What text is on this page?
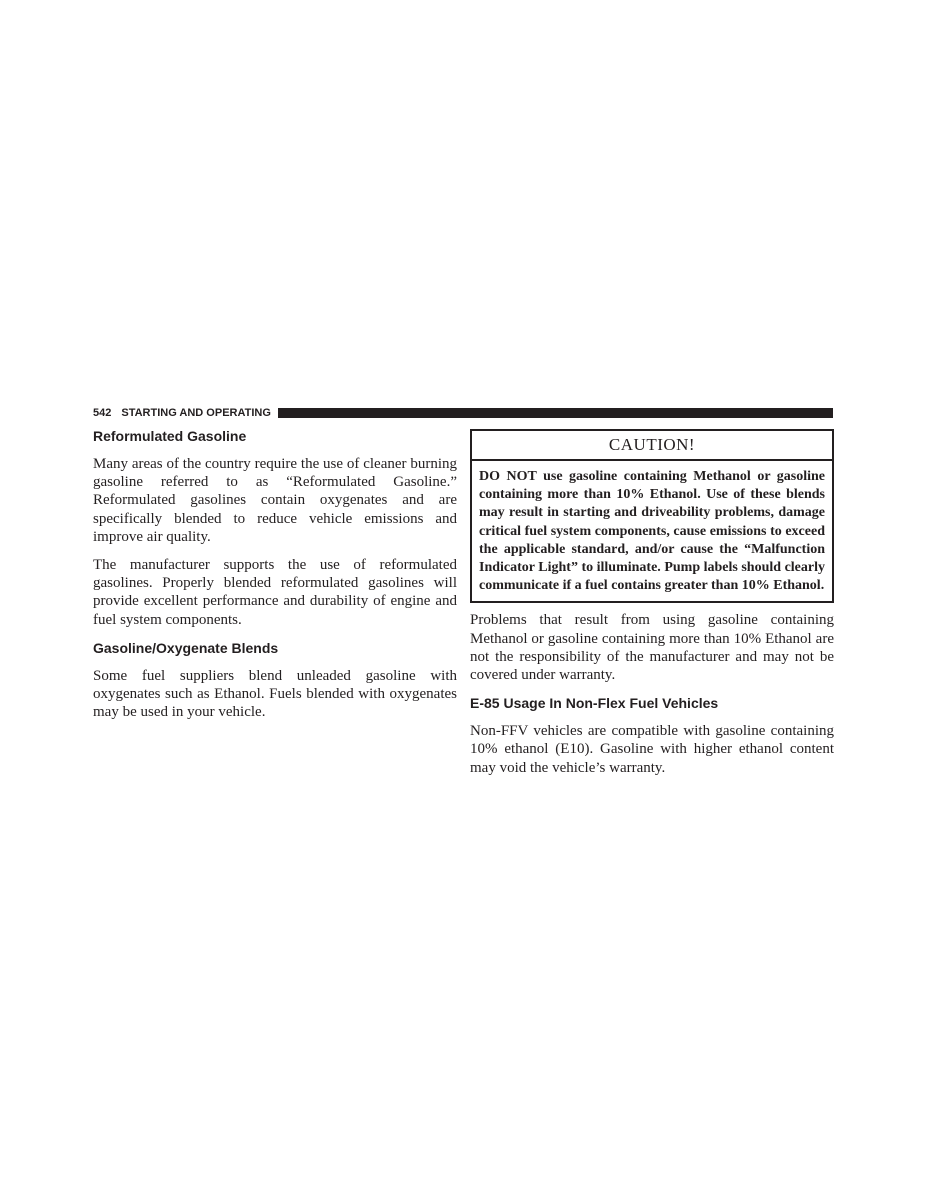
542 STARTING AND OPERATING
Reformulated Gasoline

Many areas of the country require the use of cleaner burning gasoline referred to as “Reformulated Gasoline.” Reformulated gasolines contain oxygenates and are specifically blended to reduce vehicle emissions and improve air quality.

The manufacturer supports the use of reformulated gasolines. Properly blended reformulated gasolines will provide excellent performance and durability of engine and fuel system components.

Gasoline/Oxygenate Blends

Some fuel suppliers blend unleaded gasoline with oxygenates such as Ethanol. Fuels blended with oxygenates may be used in your vehicle.

CAUTION!
DO NOT use gasoline containing Methanol or gasoline containing more than 10% Ethanol. Use of these blends may result in starting and driveability problems, damage critical fuel system components, cause emissions to exceed the applicable standard, and/or cause the “Malfunction Indicator Light” to illuminate. Pump labels should clearly communicate if a fuel contains greater than 10% Ethanol.

Problems that result from using gasoline containing Methanol or gasoline containing more than 10% Ethanol are not the responsibility of the manufacturer and may not be covered under warranty.

E-85 Usage In Non-Flex Fuel Vehicles

Non-FFV vehicles are compatible with gasoline containing 10% ethanol (E10). Gasoline with higher ethanol content may void the vehicle’s warranty.
